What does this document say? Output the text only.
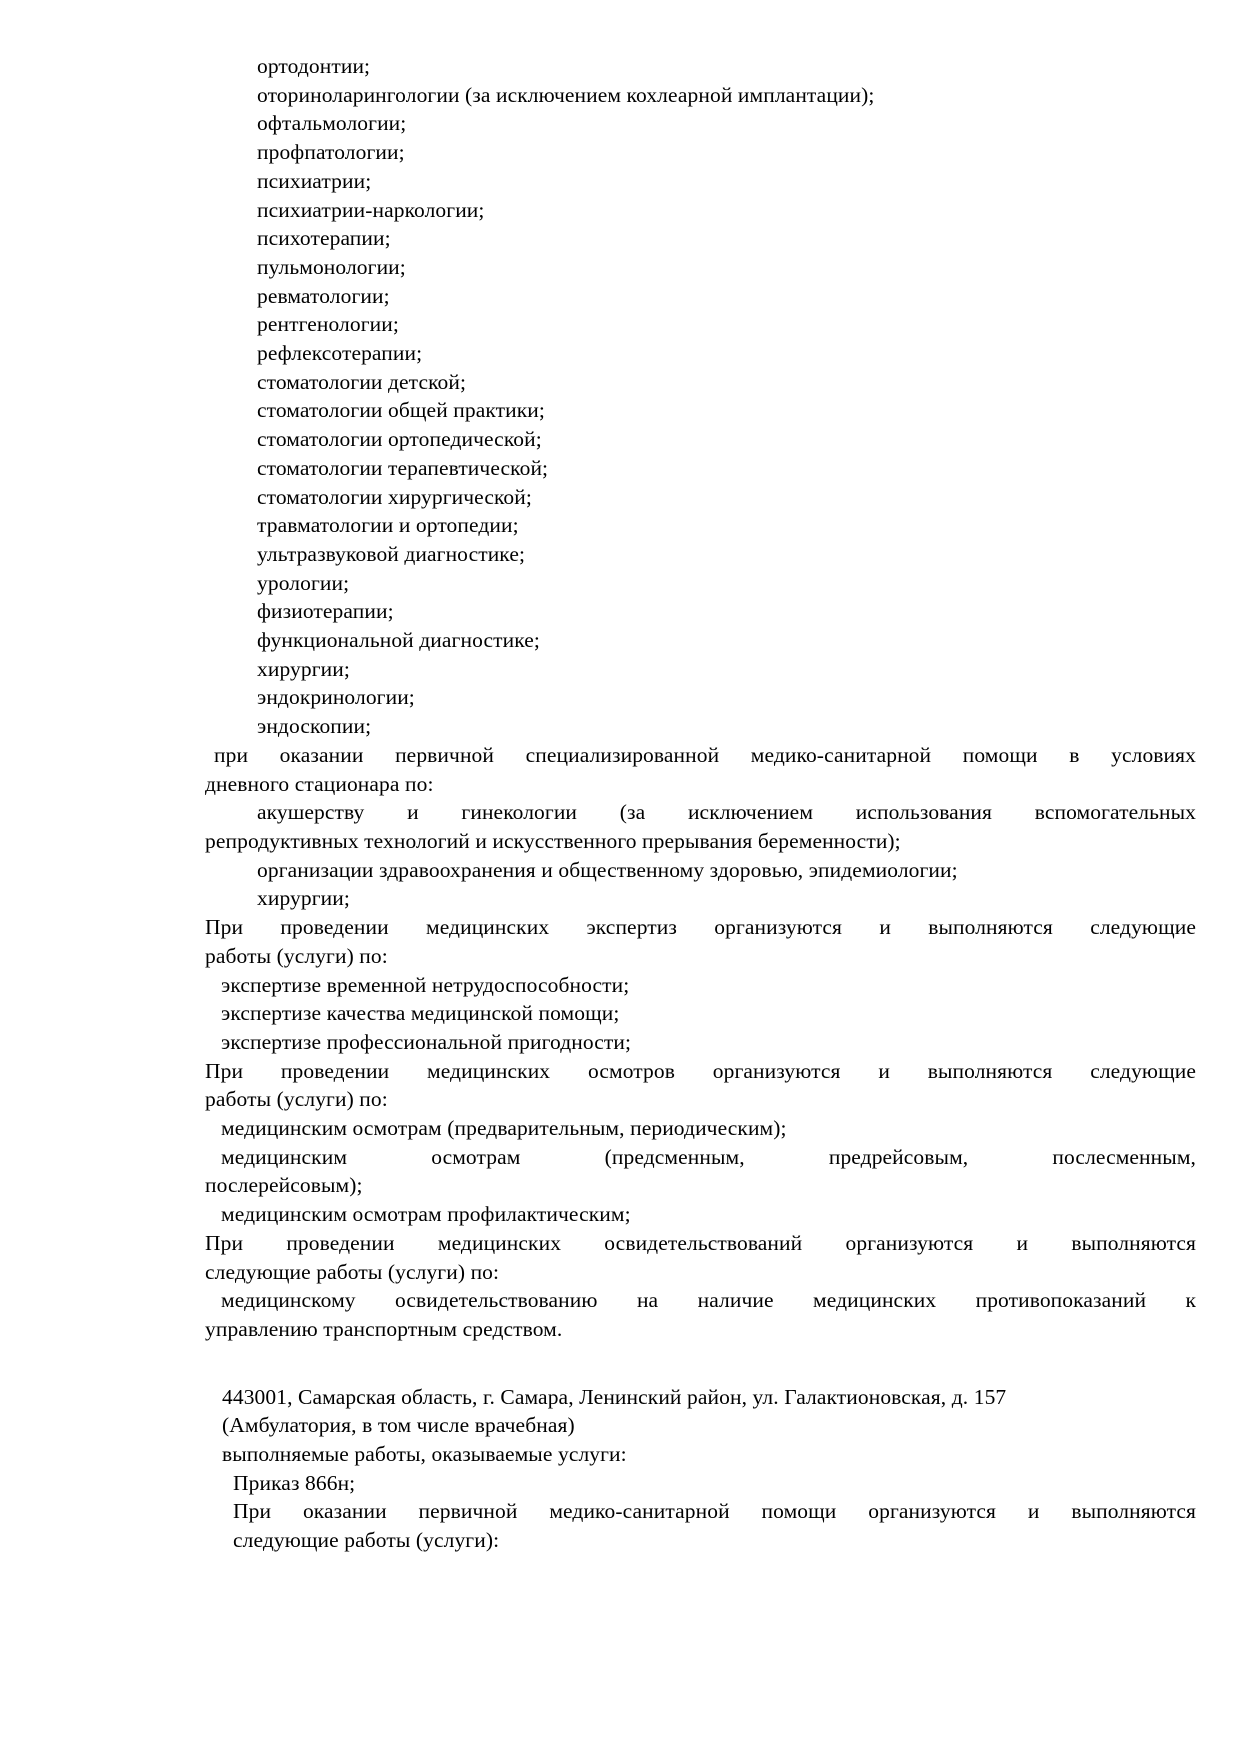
ортодонтии;
оториноларингологии (за исключением кохлеарной имплантации);
офтальмологии;
профпатологии;
психиатрии;
психиатрии-наркологии;
психотерапии;
пульмонологии;
ревматологии;
рентгенологии;
рефлексотерапии;
стоматологии детской;
стоматологии общей практики;
стоматологии ортопедической;
стоматологии терапевтической;
стоматологии хирургической;
травматологии и ортопедии;
ультразвуковой диагностике;
урологии;
физиотерапии;
функциональной диагностике;
хирургии;
эндокринологии;
эндоскопии;
при оказании первичной специализированной медико-санитарной помощи в условиях
дневного стационара по:
акушерству и гинекологии (за исключением использования вспомогательных
репродуктивных технологий и искусственного прерывания беременности);
организации здравоохранения и общественному здоровью, эпидемиологии;
хирургии;
При проведении медицинских экспертиз организуются и выполняются следующие
работы (услуги) по:
экспертизе временной нетрудоспособности;
экспертизе качества медицинской помощи;
экспертизе профессиональной пригодности;
При проведении медицинских осмотров организуются и выполняются следующие
работы (услуги) по:
медицинским осмотрам (предварительным, периодическим);
медицинским осмотрам (предсменным, предрейсовым, послесменным,
послерейсовым);
медицинским осмотрам профилактическим;
При проведении медицинских освидетельствований организуются и выполняются
следующие работы (услуги) по:
медицинскому освидетельствованию на наличие медицинских противопоказаний к
управлению транспортным средством.
443001, Самарская область, г. Самара, Ленинский район, ул. Галактионовская, д. 157
(Амбулатория, в том числе врачебная)
выполняемые работы, оказываемые услуги:
Приказ 866н;
При оказании первичной медико-санитарной помощи организуются и выполняются
следующие работы (услуги):
